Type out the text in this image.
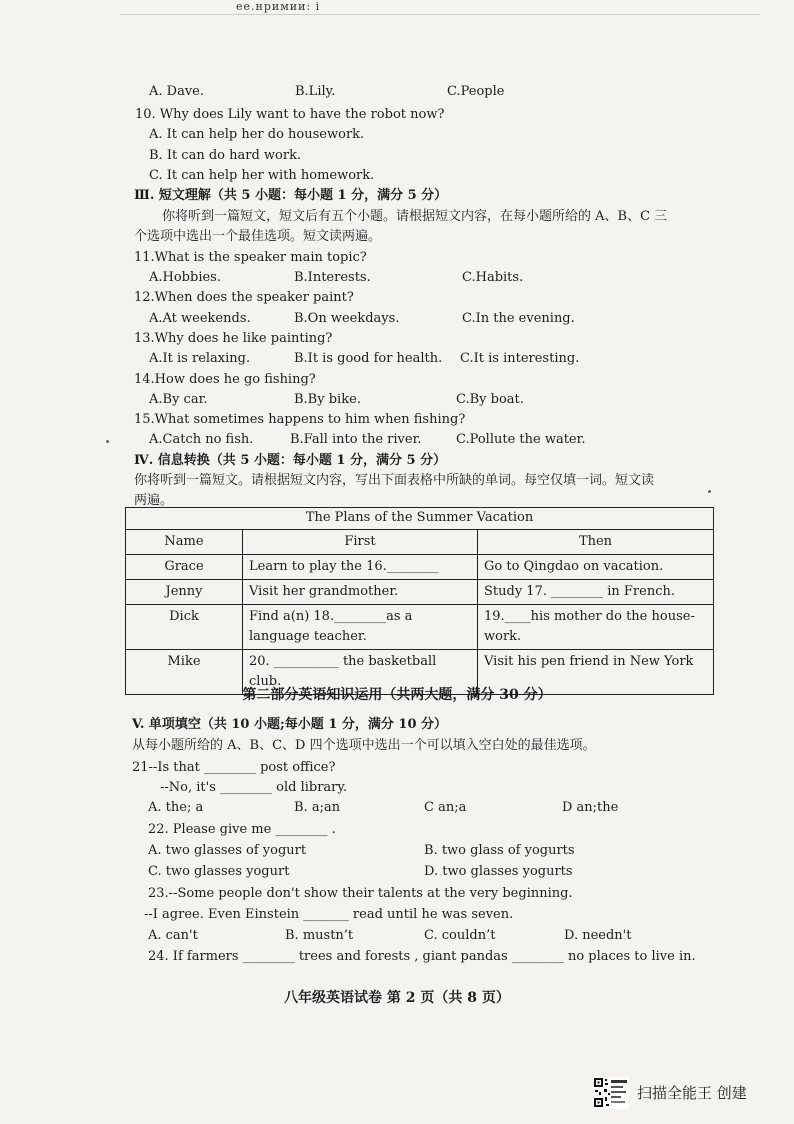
ее.нримии: і
A. Dave.	B.Lily.	C.People
10. Why does Lily want to have the robot now?
A. It can help her do housework.
B. It can do hard work.
C. It can help her with homework.
Ⅲ. 短文理解（共 5 小题：每小题 1 分，满分 5 分）
你将听到一篇短文，短文后有五个小题。请根据短文内容，在每小题所给的 A、B、C 三
个选项中选出一个最佳选项。短文读两遍。
11.What is the speaker main topic?
A.Hobbies.	B.Interests.	C.Habits.
12.When does the speaker paint?
A.At weekends.	B.On weekdays.	C.In the evening.
13.Why does he like painting?
A.It is relaxing.	B.It is good for health. C.It is interesting.
14.How does he go fishing?
A.By car.	B.By bike.	C.By boat.
15.What sometimes happens to him when fishing?
A.Catch no fish.	B.Fall into the river.	C.Pollute the water.
Ⅳ. 信息转换（共 5 小题：每小题 1 分，满分 5 分）
你将听到一篇短文。请根据短文内容，写出下面表格中所缺的单词。每空仅填一词。短文读
两遍。
The Plans of the Summer Vacation		
Name	First	Then
Grace	Learn to play the 16.________	Go to Qingdao on vacation.
Jenny	Visit her grandmother.	Study 17. ________ in French.
Dick	Find a(n) 18.________as a language teacher.	19.____his mother do the house-work.
Mike	20. __________ the basketball club.	Visit his pen friend in New York
第二部分英语知识运用（共两大题，满分 30 分）
V. 单项填空（共 10 小题;每小题 1 分，满分 10 分）
从每小题所给的 A、B、C、D 四个选项中选出一个可以填入空白处的最佳选项。
21--Is that ________ post office?
--No, it's ________ old library.
A. the; a	B. a;an	C an;a	D an;the
22. Please give me ________ .
A. two glasses of yogurt	B. two glass of yogurts
C. two glasses yogurt	D. two glasses yogurts
23.--Some people don't show their talents at the very beginning.
--I agree. Even Einstein _______ read until he was seven.
A. can't	B. mustn’t	C. couldn’t	D. needn't
24. If farmers ________ trees and forests , giant pandas ________ no places to live in.
八年级英语试卷 第 2 页（共 8 页）
扫描全能王 创建
